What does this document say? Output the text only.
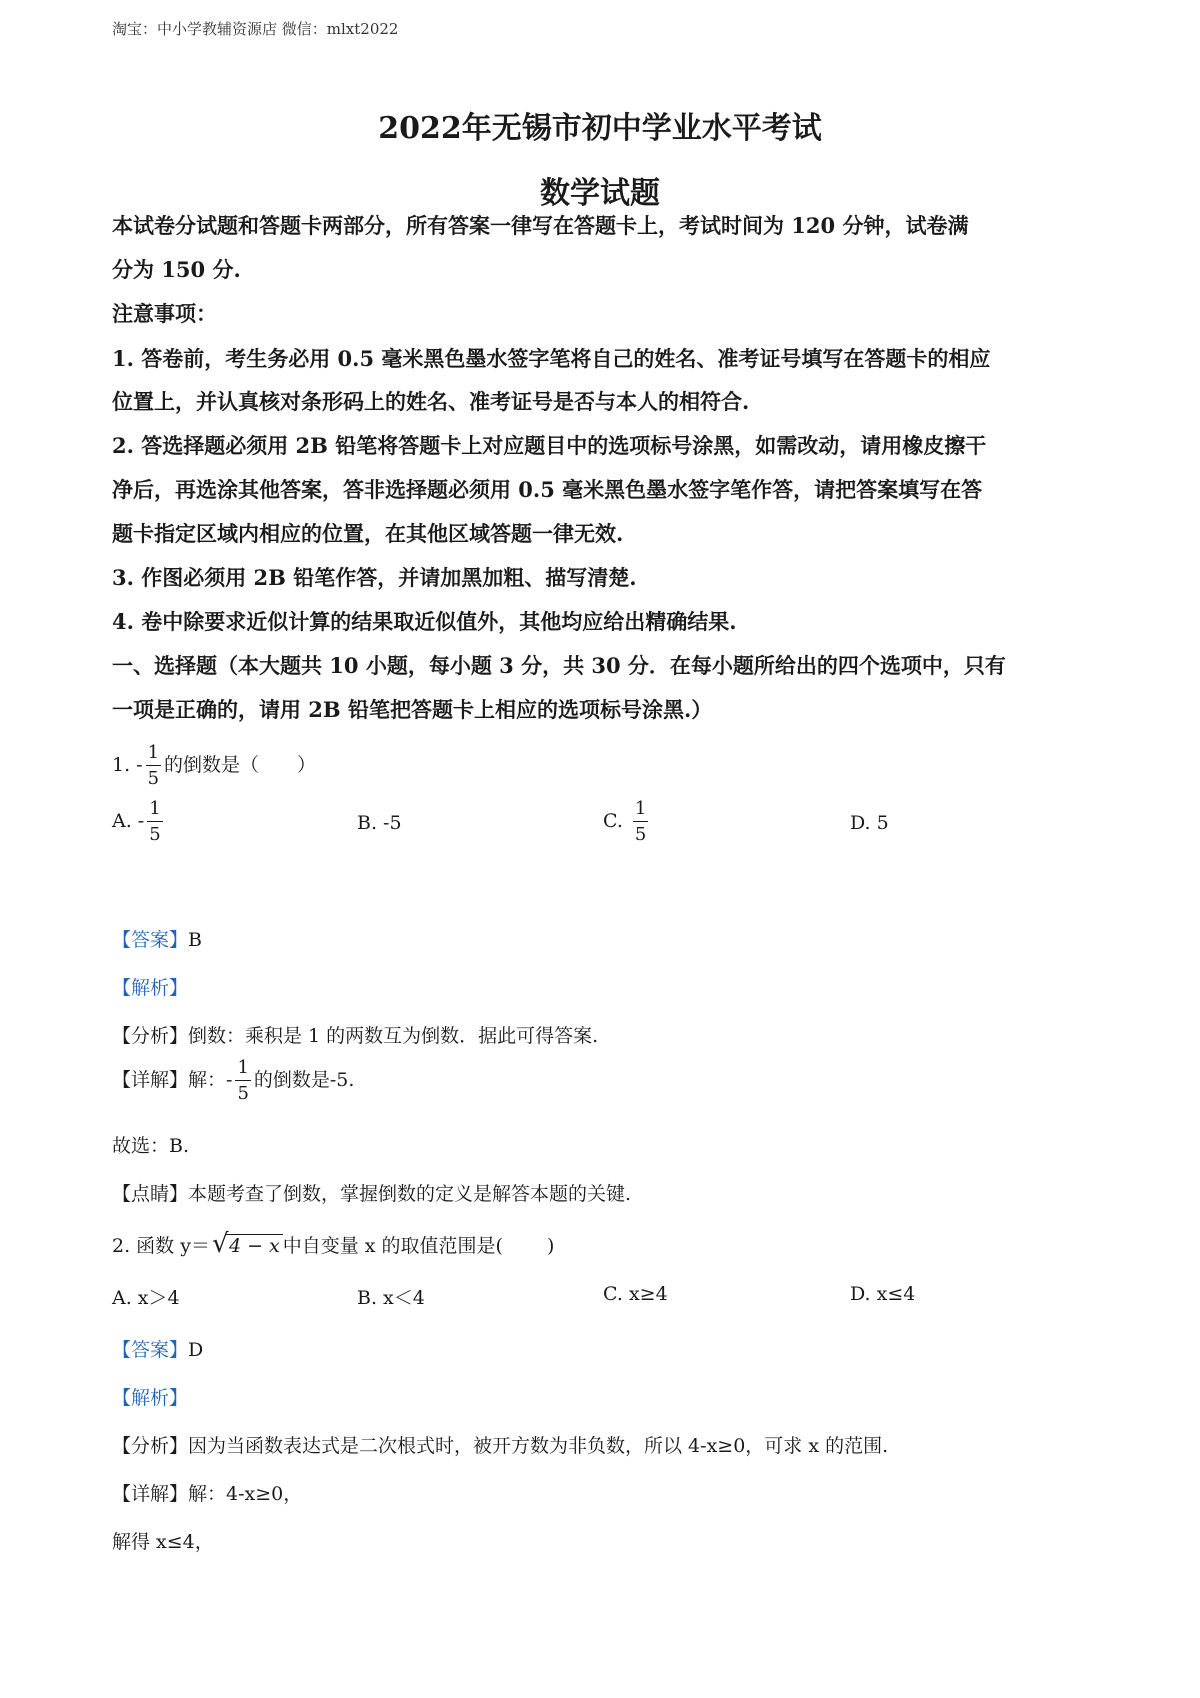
淘宝：中小学教辅资源店 微信：mlxt2022
2022年无锡市初中学业水平考试
数学试题
本试卷分试题和答题卡两部分，所有答案一律写在答题卡上，考试时间为 120 分钟，试卷满
分为 150 分.
注意事项：
1. 答卷前，考生务必用 0.5 毫米黑色墨水签字笔将自己的姓名、准考证号填写在答题卡的相应
位置上，并认真核对条形码上的姓名、准考证号是否与本人的相符合.
2. 答选择题必须用 2B 铅笔将答题卡上对应题目中的选项标号涂黑，如需改动，请用橡皮擦干
净后，再选涂其他答案，答非选择题必须用 0.5 毫米黑色墨水签字笔作答，请把答案填写在答
题卡指定区域内相应的位置，在其他区域答题一律无效.
3. 作图必须用 2B 铅笔作答，并请加黑加粗、描写清楚.
4. 卷中除要求近似计算的结果取近似值外，其他均应给出精确结果.
一、选择题（本大题共 10 小题，每小题 3 分，共 30 分．在每小题所给出的四个选项中，只有
一项是正确的，请用 2B 铅笔把答题卡上相应的选项标号涂黑.）
1. - $\frac{1}{5}$ 的倒数是（　　）
A. - $\frac{1}{5}$	B. -5	C. $\frac{1}{5}$	D. 5
【答案】B
【解析】
【分析】倒数：乘积是 1 的两数互为倒数．据此可得答案.
【详解】解：- $\frac{1}{5}$ 的倒数是-5.
故选：B.
【点睛】本题考查了倒数，掌握倒数的定义是解答本题的关键.
2. 函数 y＝ √ 4 − x 中自变量 x 的取值范围是(　　 )
A. x＞4	B. x＜4	C. x≥4	D. x≤4
【答案】D
【解析】
【分析】因为当函数表达式是二次根式时，被开方数为非负数，所以 4-x≥0，可求 x 的范围.
【详解】解：4-x≥0，
解得 x≤4，
